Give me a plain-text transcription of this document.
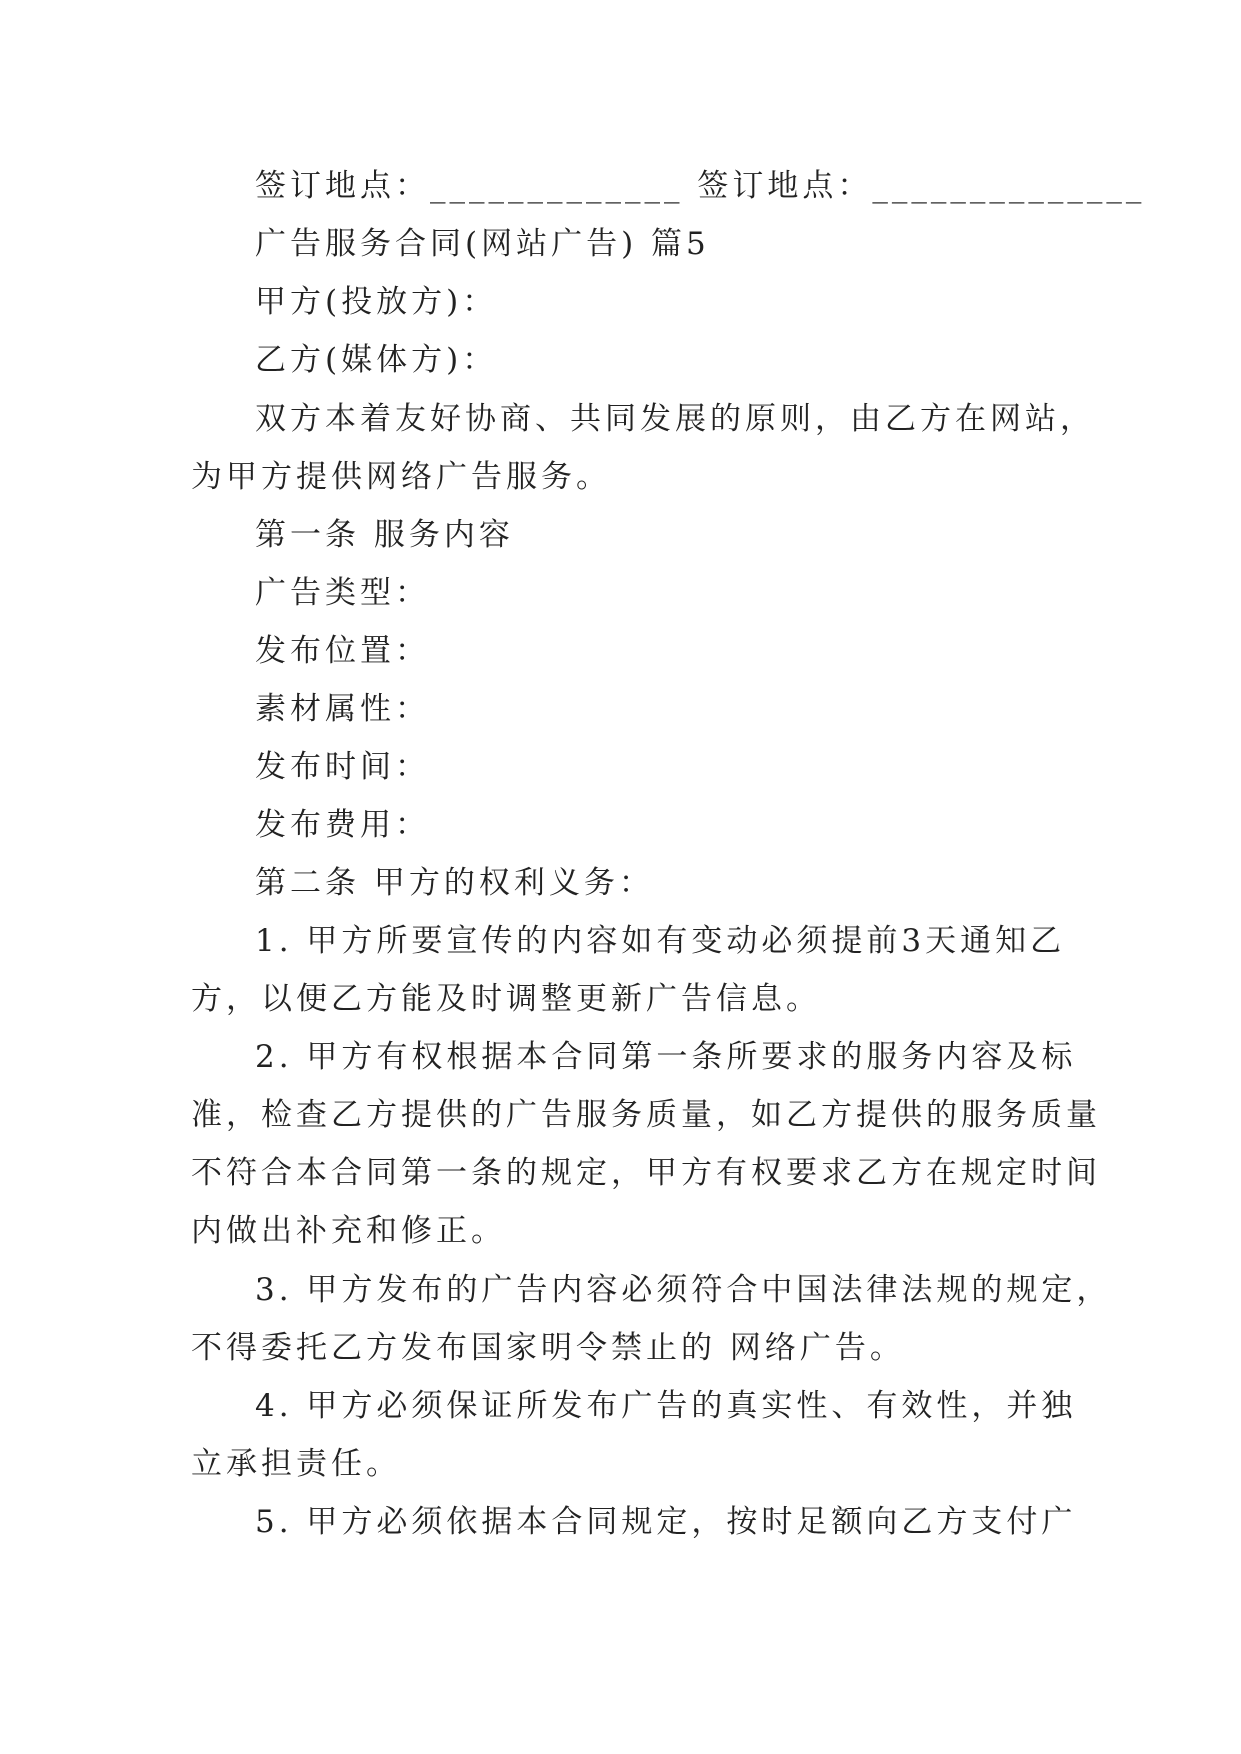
签订地点：_____________ 签订地点：______________
广告服务合同(网站广告) 篇5
甲方(投放方)：
乙方(媒体方)：
双方本着友好协商、共同发展的原则，由乙方在网站，
为甲方提供网络广告服务。
第一条 服务内容
广告类型：
发布位置：
素材属性：
发布时间：
发布费用：
第二条 甲方的权利义务：
1. 甲方所要宣传的内容如有变动必须提前3天通知乙
方，以便乙方能及时调整更新广告信息。
2. 甲方有权根据本合同第一条所要求的服务内容及标
准，检查乙方提供的广告服务质量，如乙方提供的服务质量
不符合本合同第一条的规定，甲方有权要求乙方在规定时间
内做出补充和修正。
3. 甲方发布的广告内容必须符合中国法律法规的规定，
不得委托乙方发布国家明令禁止的 网络广告。
4. 甲方必须保证所发布广告的真实性、有效性，并独
立承担责任。
5. 甲方必须依据本合同规定，按时足额向乙方支付广
